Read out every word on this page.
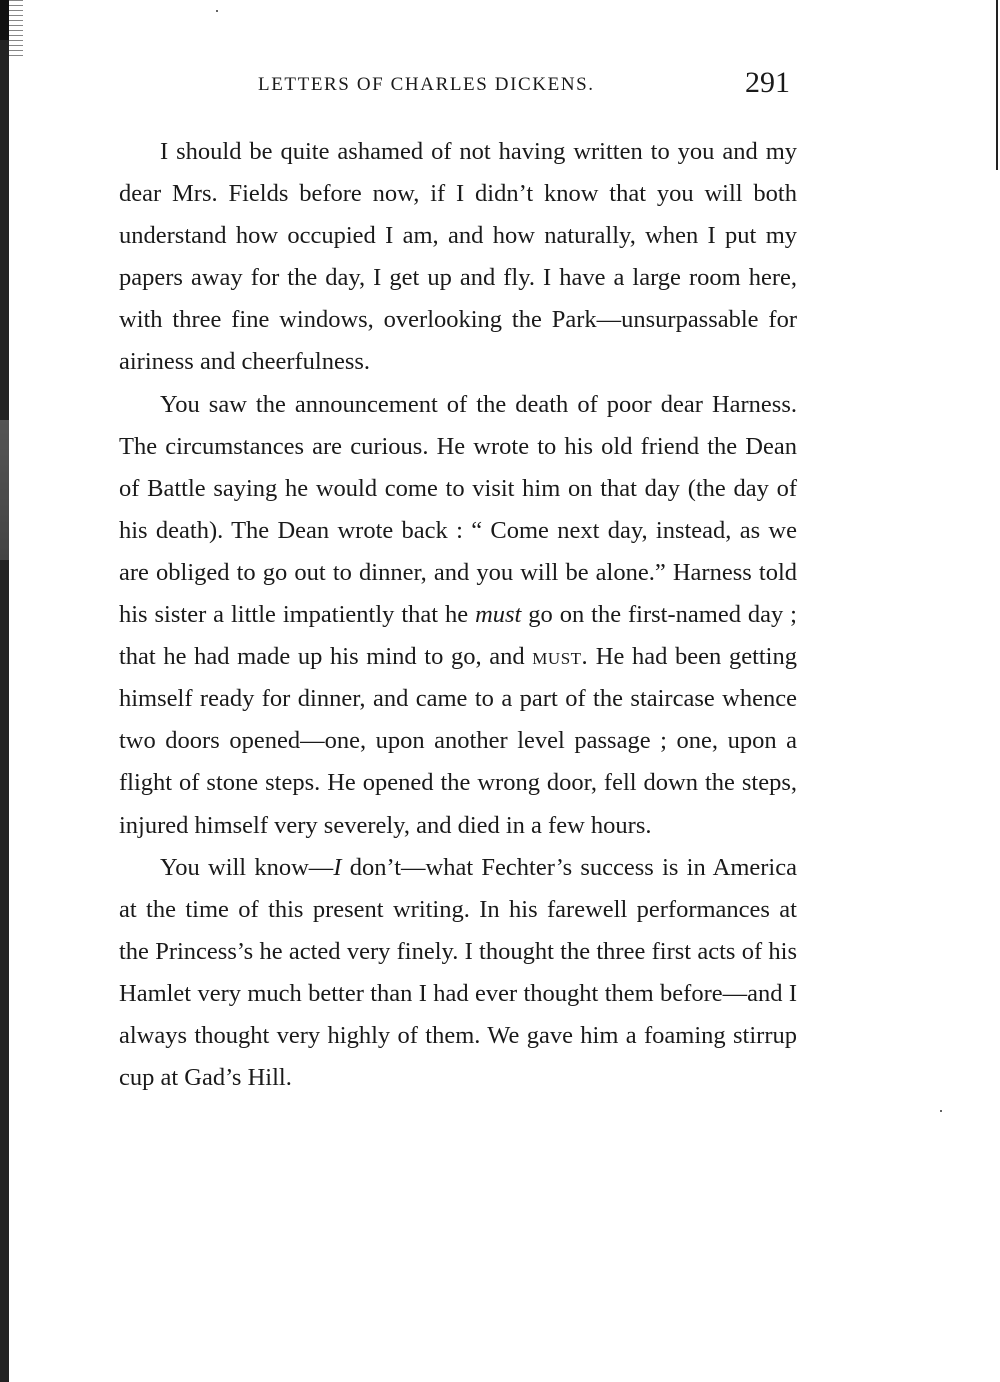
LETTERS OF CHARLES DICKENS.	291

I should be quite ashamed of not having written to you and my dear Mrs. Fields before now, if I didn’t know that you will both understand how occupied I am, and how naturally, when I put my papers away for the day, I get up and fly. I have a large room here, with three fine windows, overlooking the Park—unsurpassable for airiness and cheerfulness.

You saw the announcement of the death of poor dear Harness. The circumstances are curious. He wrote to his old friend the Dean of Battle saying he would come to visit him on that day (the day of his death). The Dean wrote back : “ Come next day, instead, as we are obliged to go out to dinner, and you will be alone.” Harness told his sister a little impatiently that he must go on the first-named day ; that he had made up his mind to go, and must. He had been getting himself ready for dinner, and came to a part of the staircase whence two doors opened—one, upon another level passage ; one, upon a flight of stone steps. He opened the wrong door, fell down the steps, injured himself very severely, and died in a few hours.

You will know—I don’t—what Fechter’s success is in America at the time of this present writing. In his farewell performances at the Princess’s he acted very finely. I thought the three first acts of his Hamlet very much better than I had ever thought them before—and I always thought very highly of them. We gave him a foaming stirrup cup at Gad’s Hill.
